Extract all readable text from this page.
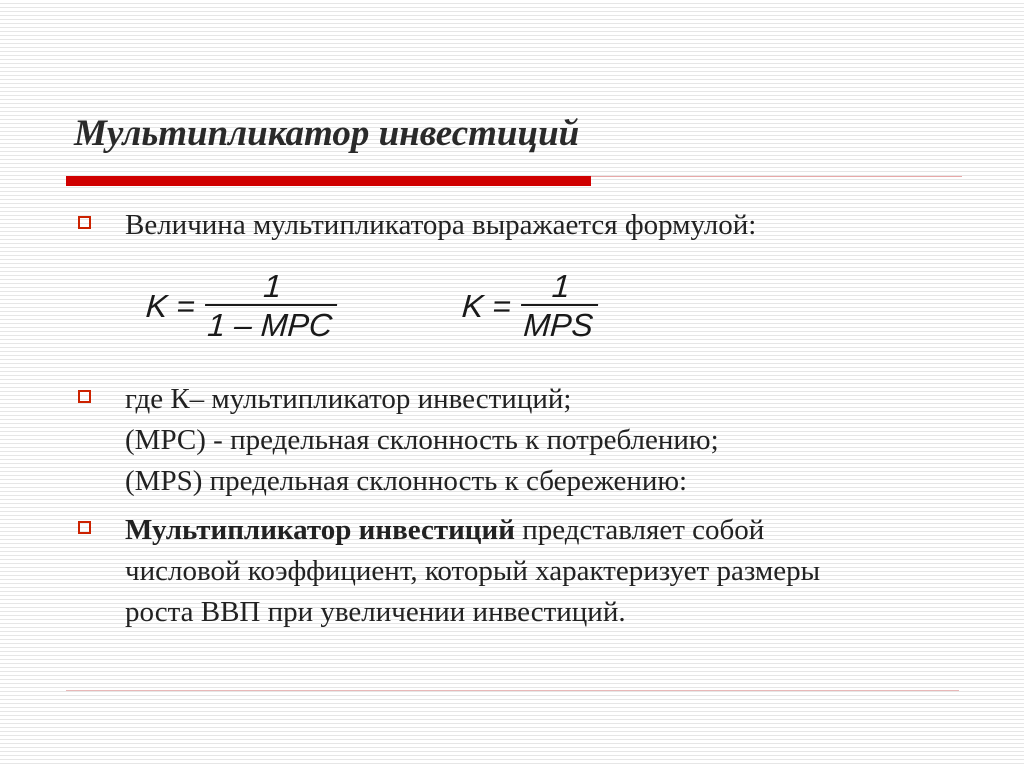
Мультипликатор инвестиций
Величина мультипликатора выражается формулой:
$K = \frac{1}{\text{1 – MPC}}$	$K = \frac{1}{\text{MPS}}$
где К– мультипликатор инвестиций;
(МРС) - предельная склонность к потреблению;
(MPS) предельная склонность к сбережению:
Мультипликатор инвестиций представляет собой
числовой коэффициент, который характеризует размеры
роста ВВП при увеличении инвестиций.
